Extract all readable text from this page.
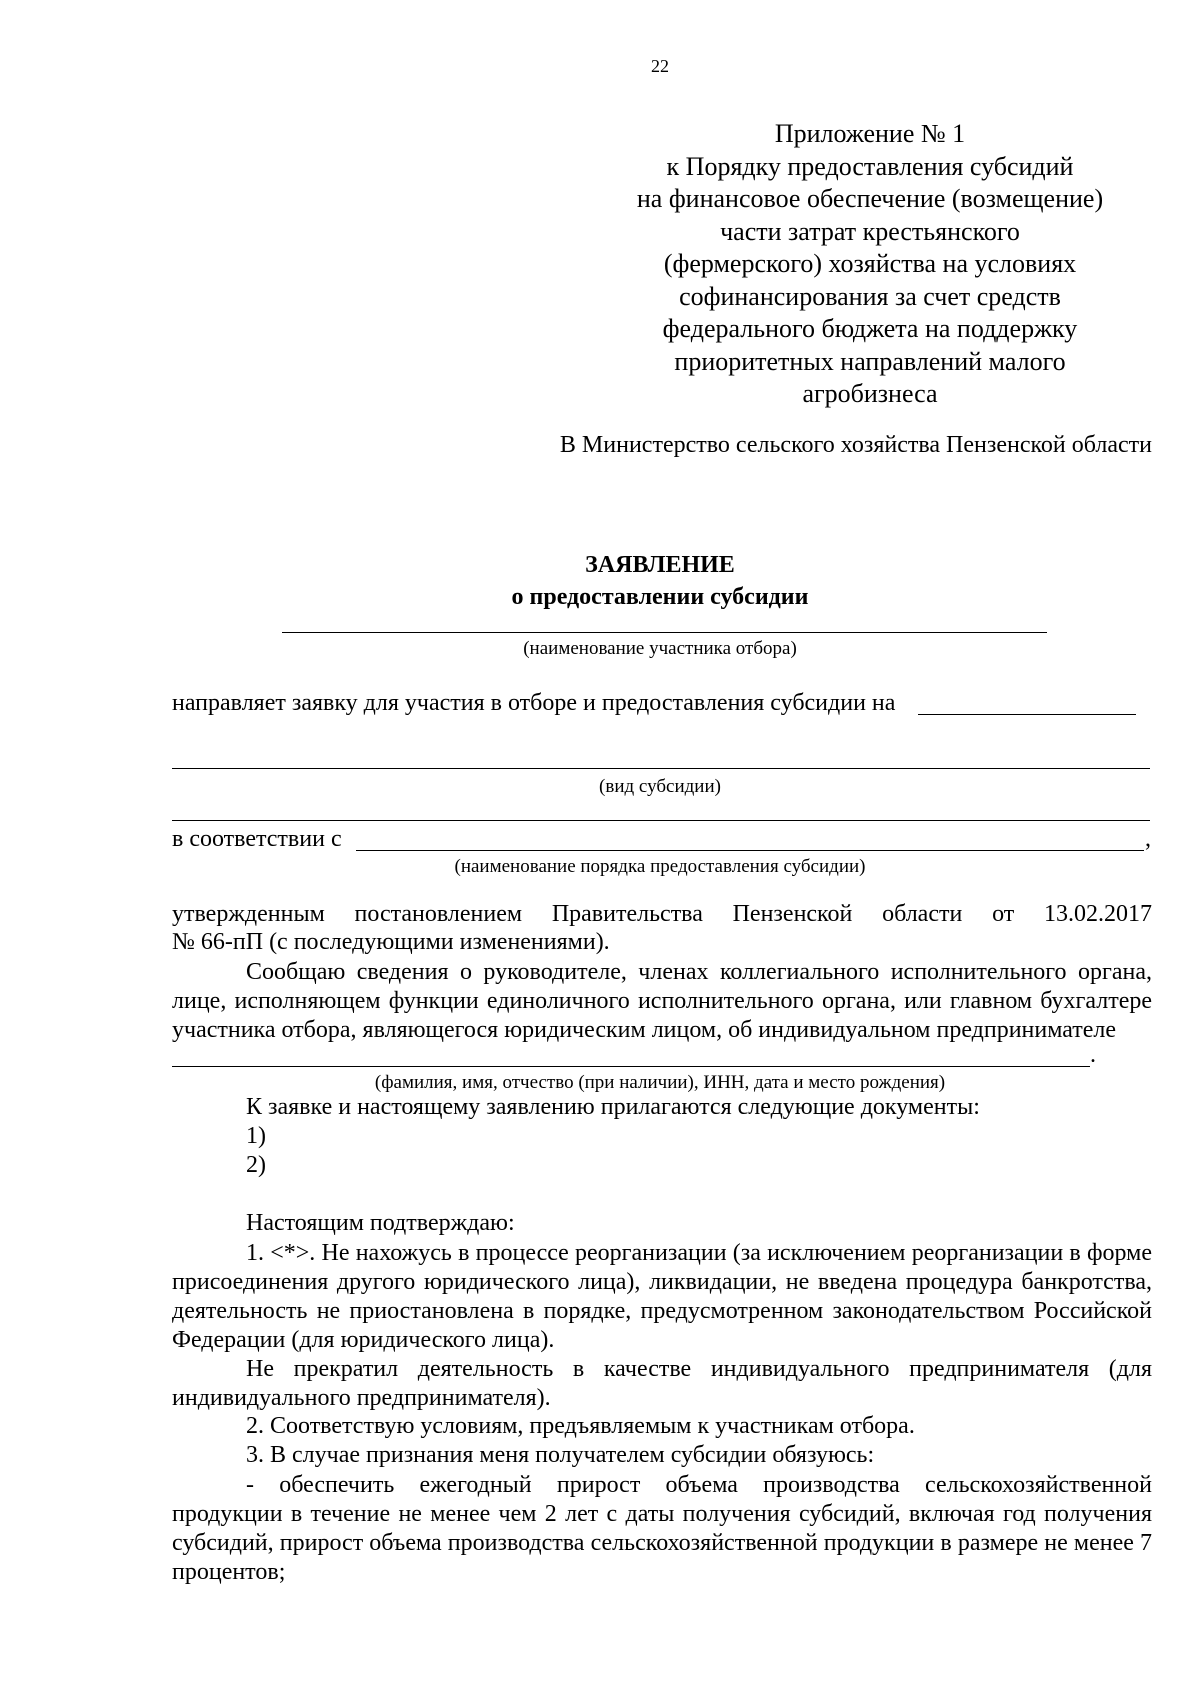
22
Приложение № 1
к Порядку предоставления субсидий
на финансовое обеспечение (возмещение)
части затрат крестьянского
(фермерского) хозяйства на условиях
софинансирования за счет средств
федерального бюджета на поддержку
приоритетных направлений малого
агробизнеса
В Министерство сельского хозяйства Пензенской области
ЗАЯВЛЕНИЕ
о предоставлении субсидии
(наименование участника отбора)
направляет заявку для участия в отборе и предоставления субсидии на
(вид субсидии)
в соответствии с	,
(наименование порядка предоставления субсидии)
утвержденным постановлением Правительства Пензенской области от 13.02.2017
№ 66-пП (с последующими изменениями).
Сообщаю сведения о руководителе, членах коллегиального исполнительного органа, лице, исполняющем функции единоличного исполнительного органа, или главном бухгалтере участника отбора, являющегося юридическим лицом, об индивидуальном предпринимателе
.
(фамилия, имя, отчество (при наличии), ИНН, дата и место рождения)
К заявке и настоящему заявлению прилагаются следующие документы:
1)
2)
Настоящим подтверждаю:
1. <*>. Не нахожусь в процессе реорганизации (за исключением реорганизации в форме присоединения другого юридического лица), ликвидации, не введена процедура банкротства, деятельность не приостановлена в порядке, предусмотренном законодательством Российской Федерации (для юридического лица).
Не прекратил деятельность в качестве индивидуального предпринимателя (для индивидуального предпринимателя).
2. Соответствую условиям, предъявляемым к участникам отбора.
3. В случае признания меня получателем субсидии обязуюсь:
- обеспечить ежегодный прирост объема производства сельскохозяйственной продукции в течение не менее чем 2 лет с даты получения субсидий, включая год получения субсидий, прирост объема производства сельскохозяйственной продукции в размере не менее 7 процентов;
